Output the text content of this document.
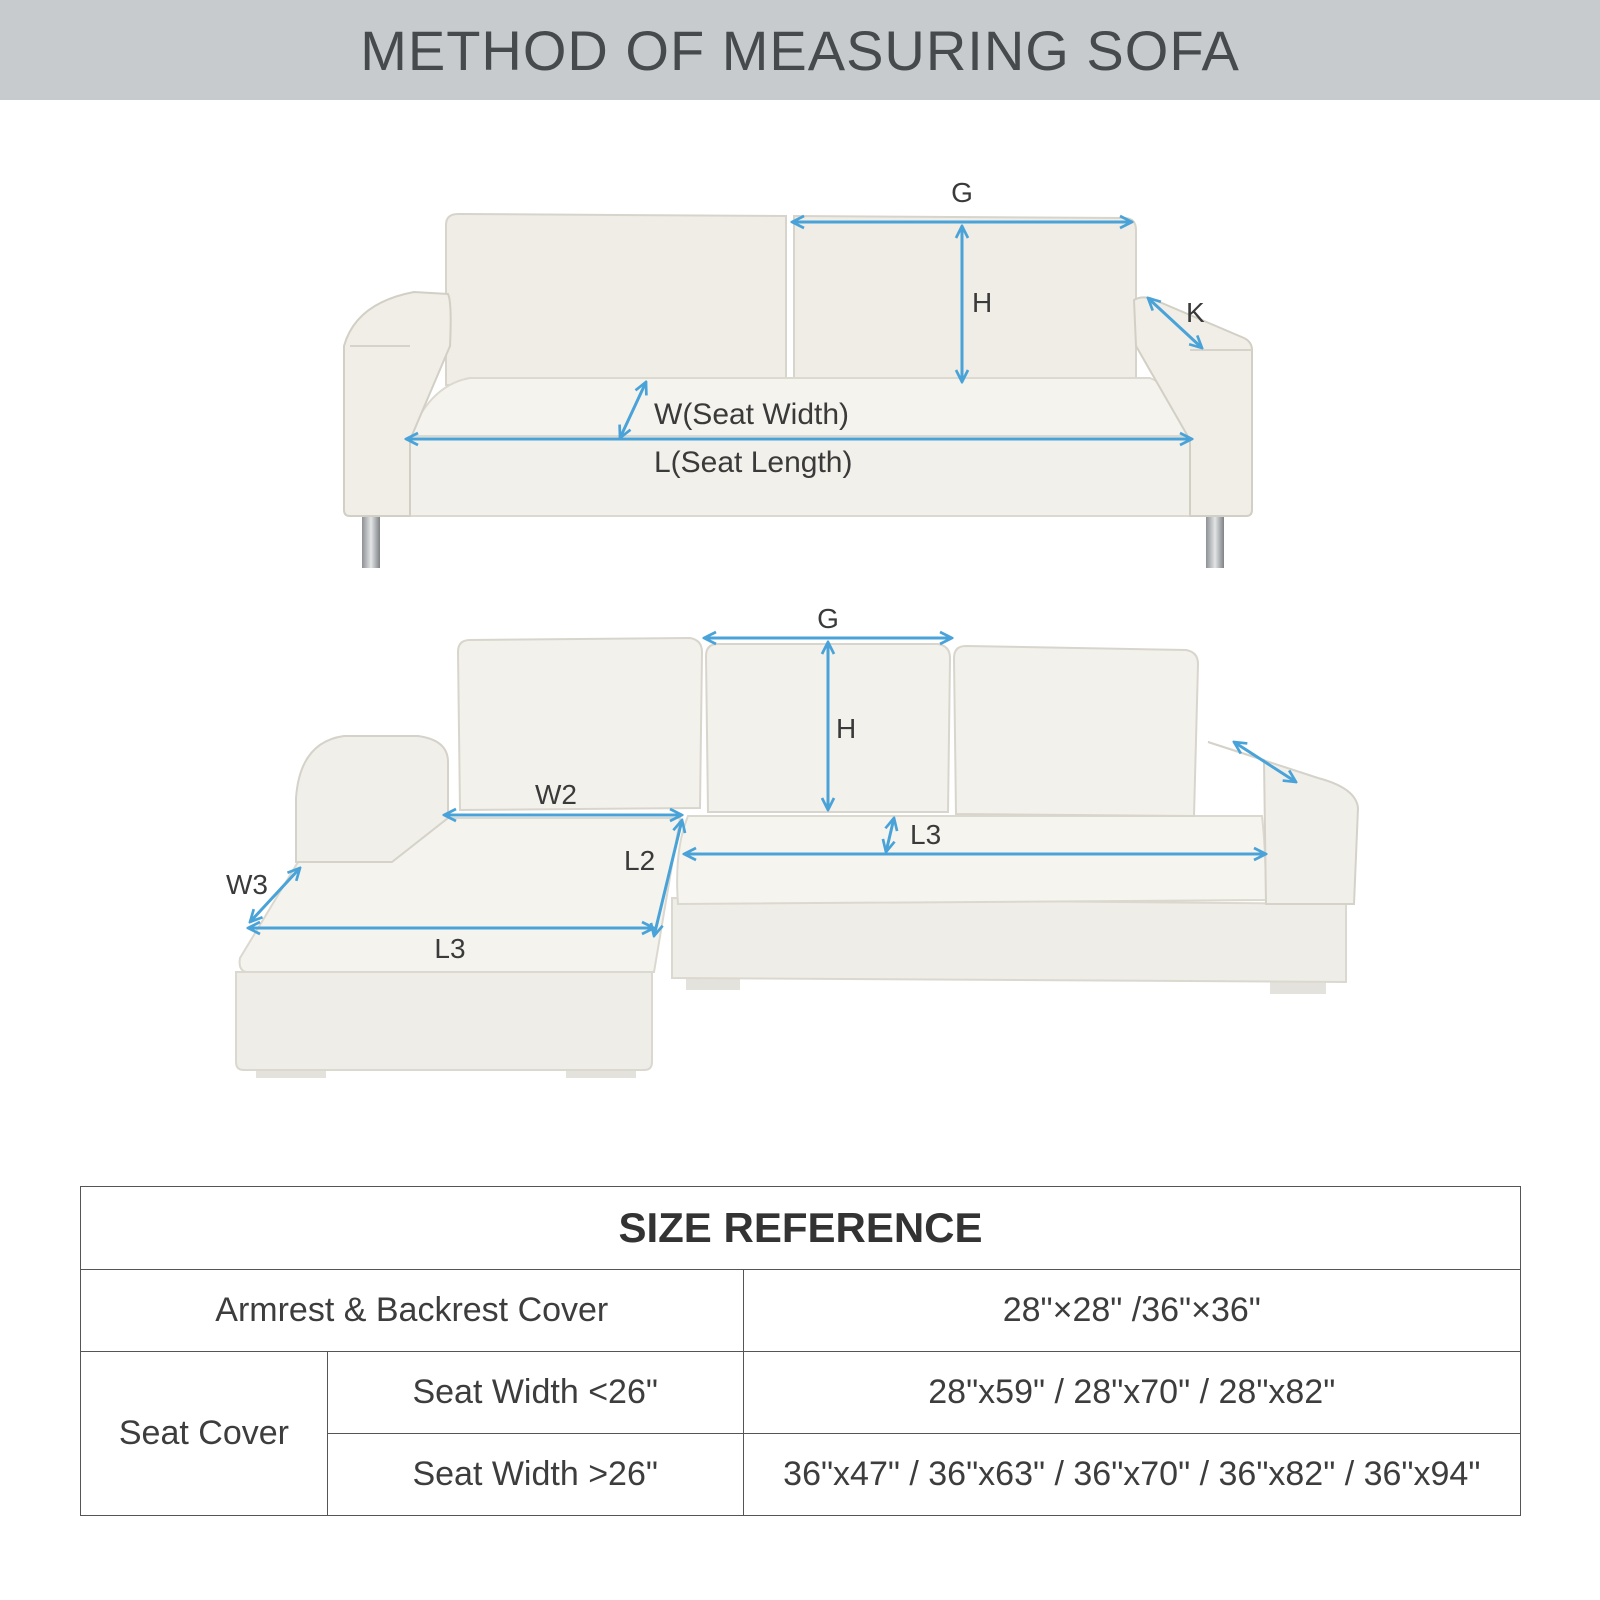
METHOD OF MEASURING SOFA
G
H	K
W(Seat Width)
L(Seat Length)
G
H
W2
L2
W3
L3
L3
SIZE REFERENCE		
Armrest & Backrest Cover		28"×28" /36"×36"
Seat Cover	Seat Width <26"	28"x59" / 28"x70" / 28"x82"
	Seat Width >26"	36"x47" / 36"x63" / 36"x70" / 36"x82" / 36"x94"
